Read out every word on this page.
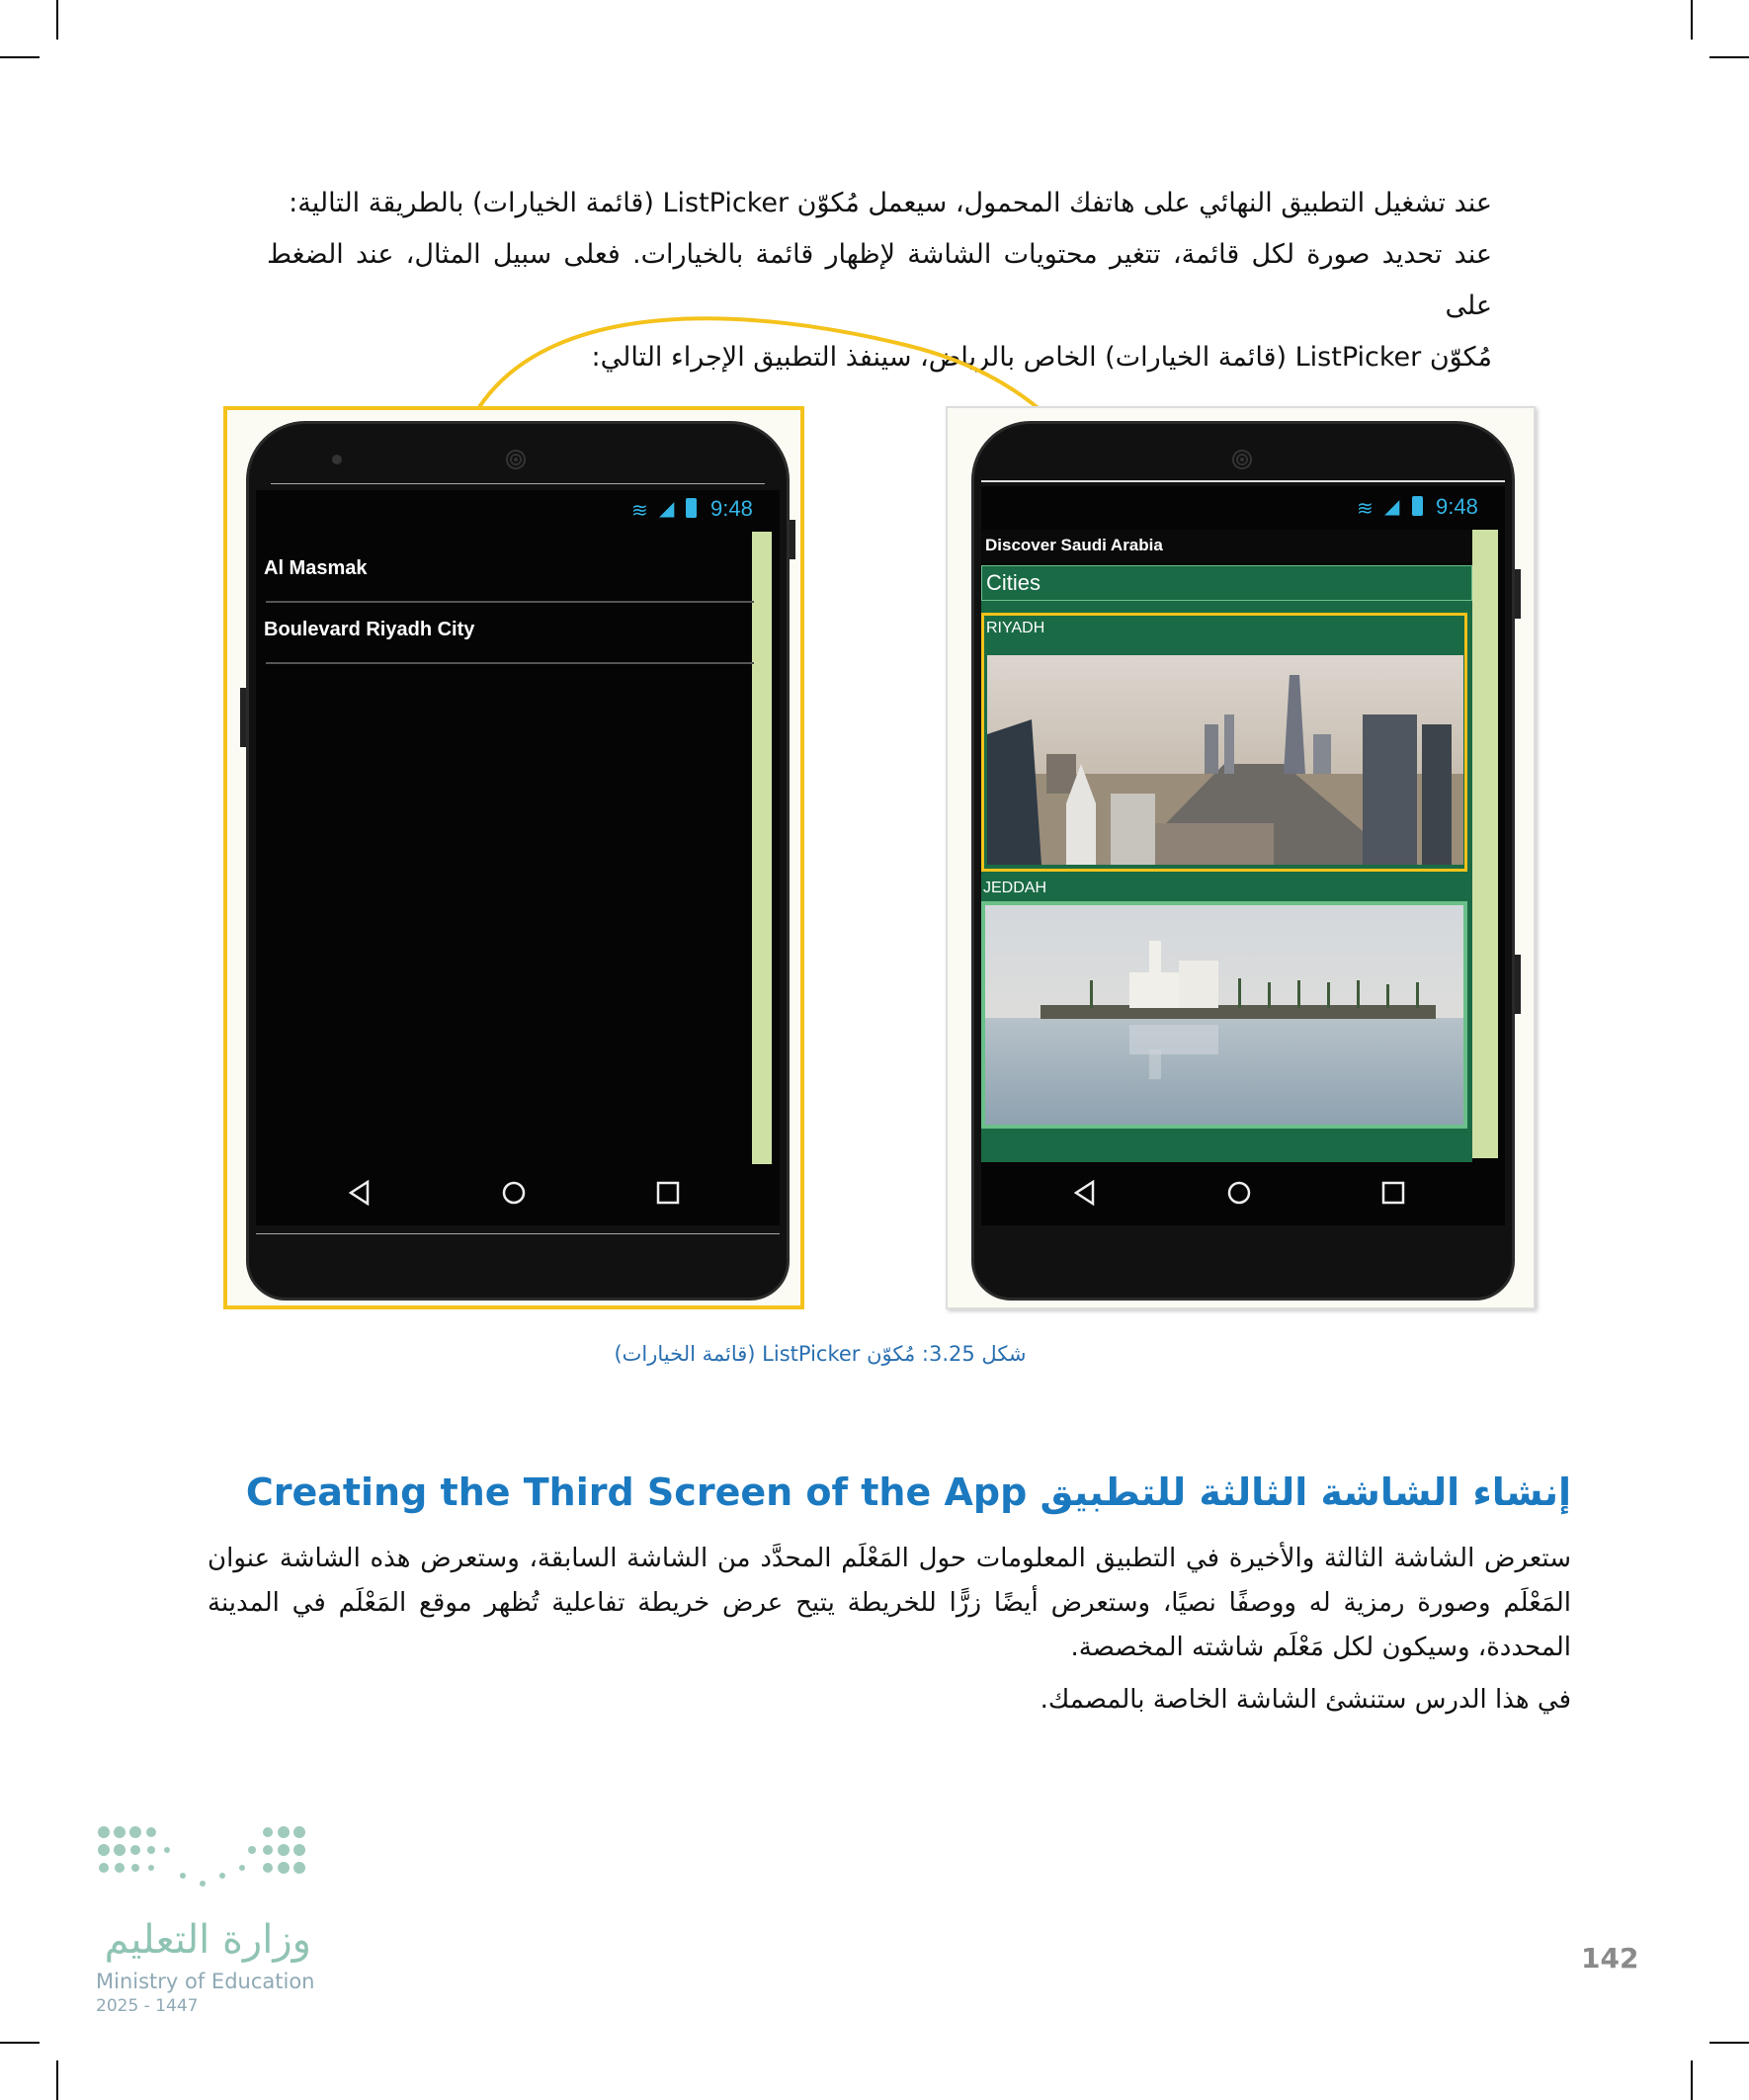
عند تشغيل التطبيق النهائي على هاتفك المحمول، سيعمل مُكوّن ListPicker (قائمة الخيارات) بالطريقة التالية:

عند تحديد صورة لكل قائمة، تتغير محتويات الشاشة لإظهار قائمة بالخيارات. فعلى سبيل المثال، عند الضغط على

مُكوّن ListPicker (قائمة الخيارات) الخاص بالرياض، سينفذ التطبيق الإجراء التالي:

≋ ◢ 9:48
Al Masmak
Boulevard Riyadh City
≋ ◢ 9:48
Discover Saudi Arabia
Cities
RIYADH
JEDDAH
شكل 3.25: مُكوّن ListPicker (قائمة الخيارات)
إنشاء الشاشة الثالثة للتطبيق Creating the Third Screen of the App

ستعرض الشاشة الثالثة والأخيرة في التطبيق المعلومات حول المَعْلَم المحدَّد من الشاشة السابقة، وستعرض هذه الشاشة عنوان المَعْلَم وصورة رمزية له ووصفًا نصيًا، وستعرض أيضًا زرًّا للخريطة يتيح عرض خريطة تفاعلية تُظهر موقع المَعْلَم في المدينة المحددة، وسيكون لكل مَعْلَم شاشته المخصصة.

في هذا الدرس ستنشئ الشاشة الخاصة بالمصمك.

وزارة التعليم
Ministry of Education
2025 - 1447
142
